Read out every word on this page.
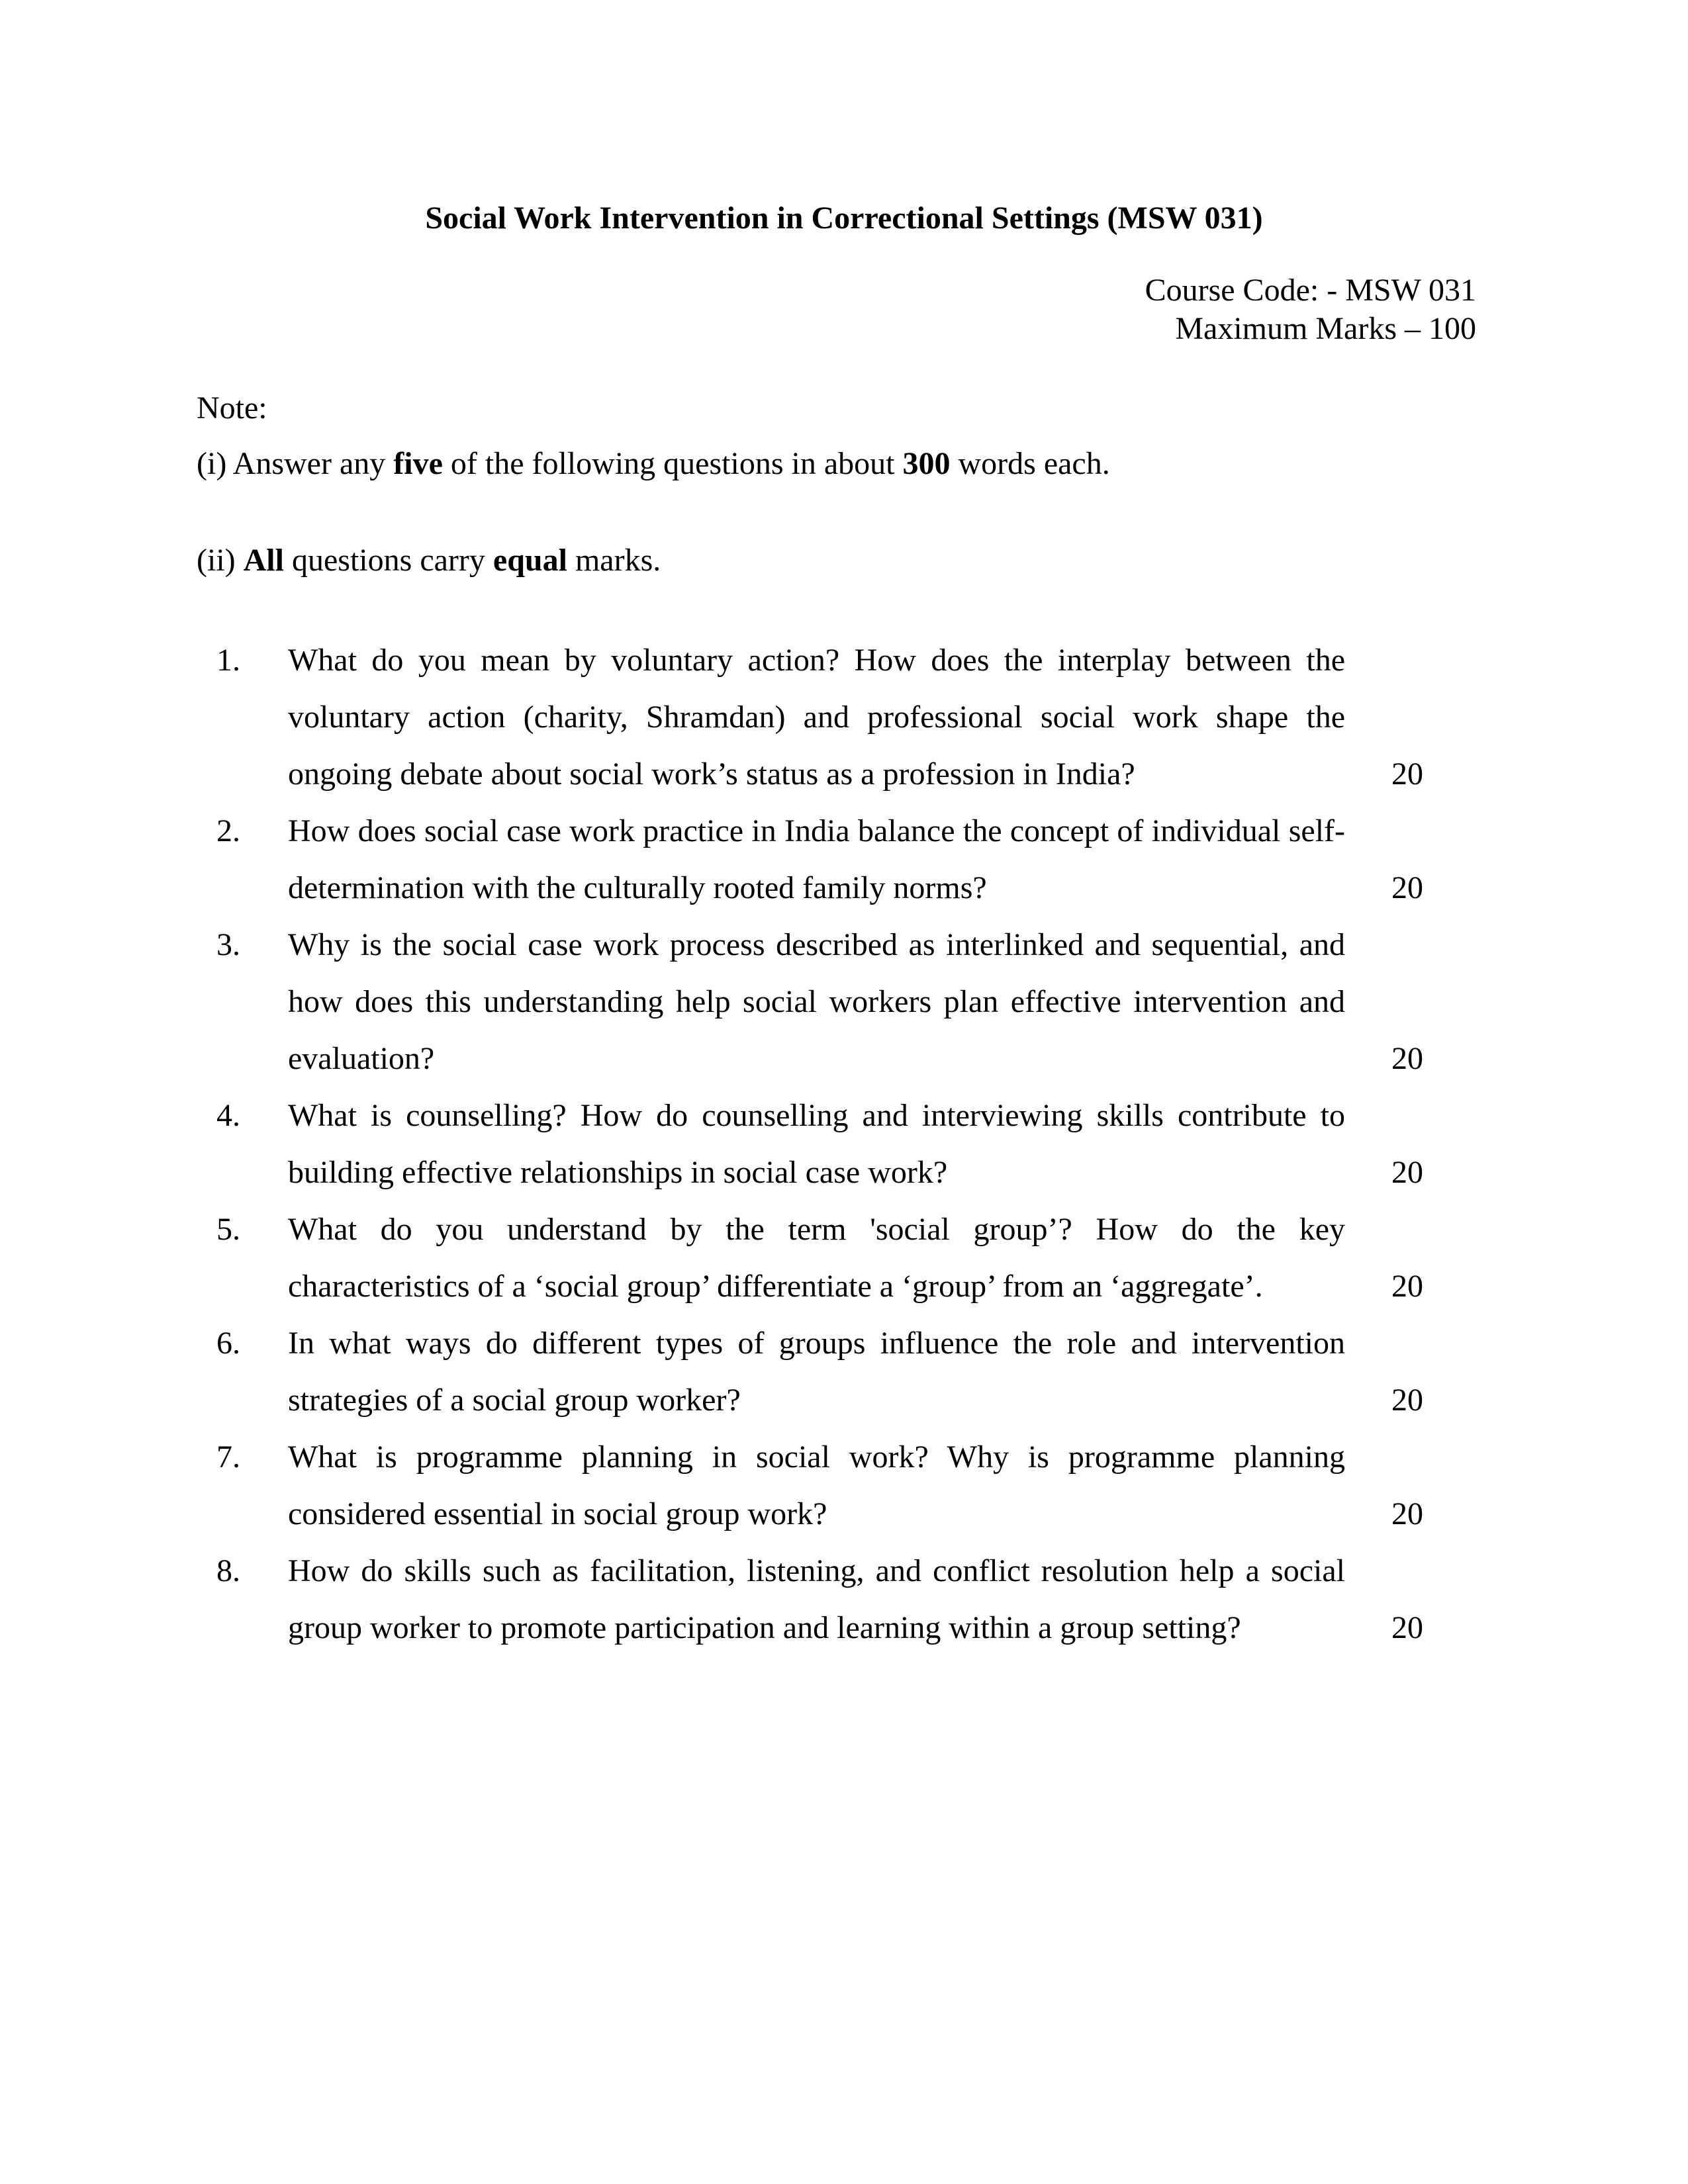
Social Work Intervention in Correctional Settings (MSW 031)
Course Code: - MSW 031
Maximum Marks – 100
Note:
(i) Answer any five of the following questions in about 300 words each.
(ii) All questions carry equal marks.
1.	What do you mean by voluntary action? How does the interplay between the voluntary action (charity, Shramdan) and professional social work shape the ongoing debate about social work’s status as a profession in India?	20
2.	How does social case work practice in India balance the concept of individual self-determination with the culturally rooted family norms?	20
3.	Why is the social case work process described as interlinked and sequential, and how does this understanding help social workers plan effective intervention and evaluation?	20
4.	What is counselling? How do counselling and interviewing skills contribute to building effective relationships in social case work?	20
5.	What do you understand by the term 'social group’? How do the key characteristics of a ‘social group’ differentiate a ‘group’ from an ‘aggregate’.	20
6.	In what ways do different types of groups influence the role and intervention strategies of a social group worker?	20
7.	What is programme planning in social work? Why is programme planning considered essential in social group work?	20
8.	How do skills such as facilitation, listening, and conflict resolution help a social group worker to promote participation and learning within a group setting?	20
